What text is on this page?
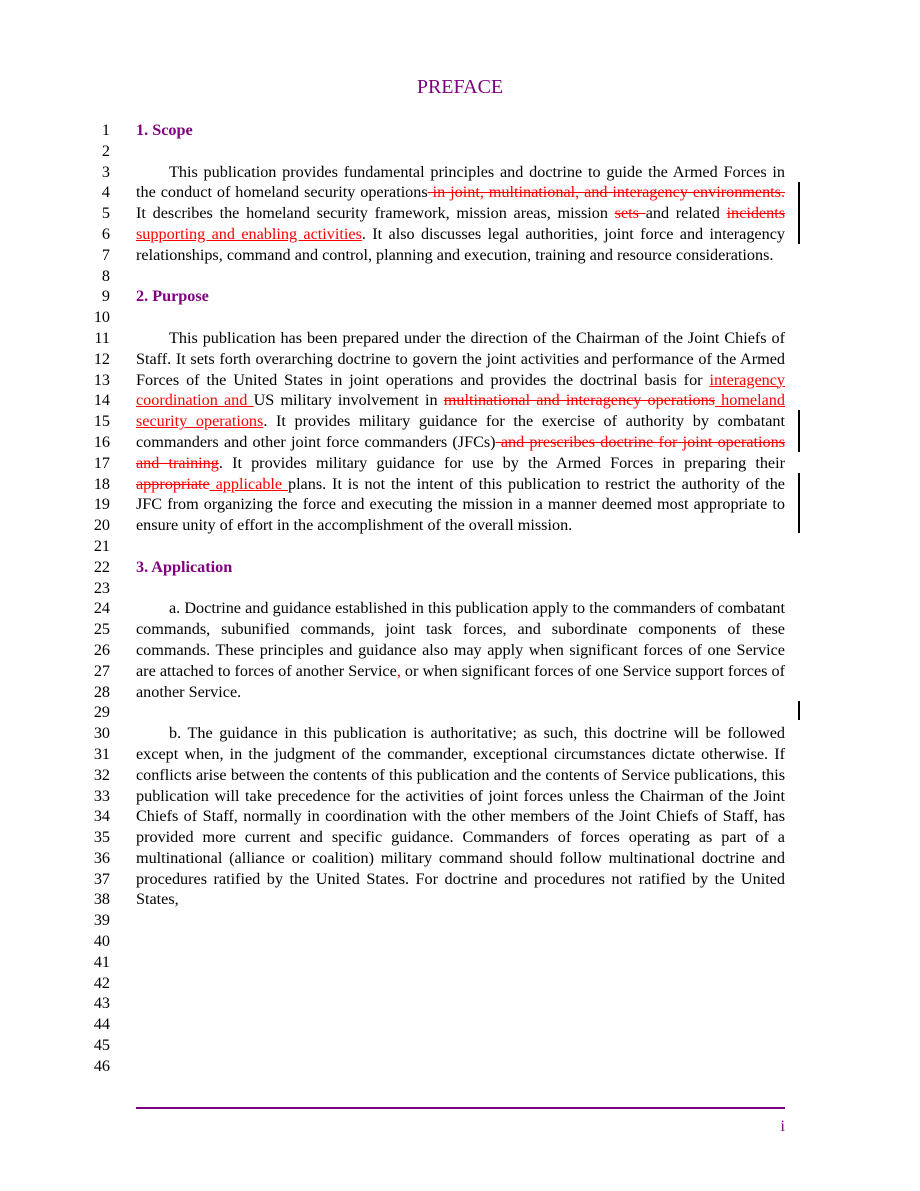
PREFACE
1
2
3
4
5
6
7
8
9
10
11
12
13
14
15
16
17
18
19
20
21
22
23
24
25
26
27
28
29
30
31
32
33
34
35
36
37
38
39
40
41
42
43
44
45
46

1. Scope

This publication provides fundamental principles and doctrine to guide the Armed Forces in the conduct of homeland security operations in joint, multinational, and interagency environments. It describes the homeland security framework, mission areas, mission sets and related incidents supporting and enabling activities. It also discusses legal authorities, joint force and interagency relationships, command and control, planning and execution, training and resource considerations.

2. Purpose

This publication has been prepared under the direction of the Chairman of the Joint Chiefs of Staff. It sets forth overarching doctrine to govern the joint activities and performance of the Armed Forces of the United States in joint operations and provides the doctrinal basis for interagency coordination and US military involvement in multinational and interagency operations homeland security operations. It provides military guidance for the exercise of authority by combatant commanders and other joint force commanders (JFCs) and prescribes doctrine for joint operations and training. It provides military guidance for use by the Armed Forces in preparing their appropriate applicable plans. It is not the intent of this publication to restrict the authority of the JFC from organizing the force and executing the mission in a manner deemed most appropriate to ensure unity of effort in the accomplishment of the overall mission.

3. Application

a. Doctrine and guidance established in this publication apply to the commanders of combatant commands, subunified commands, joint task forces, and subordinate components of these commands. These principles and guidance also may apply when significant forces of one Service are attached to forces of another Service, or when significant forces of one Service support forces of another Service.

b. The guidance in this publication is authoritative; as such, this doctrine will be followed except when, in the judgment of the commander, exceptional circumstances dictate otherwise. If conflicts arise between the contents of this publication and the contents of Service publications, this publication will take precedence for the activities of joint forces unless the Chairman of the Joint Chiefs of Staff, normally in coordination with the other members of the Joint Chiefs of Staff, has provided more current and specific guidance. Commanders of forces operating as part of a multinational (alliance or coalition) military command should follow multinational doctrine and procedures ratified by the United States. For doctrine and procedures not ratified by the United States,

i
